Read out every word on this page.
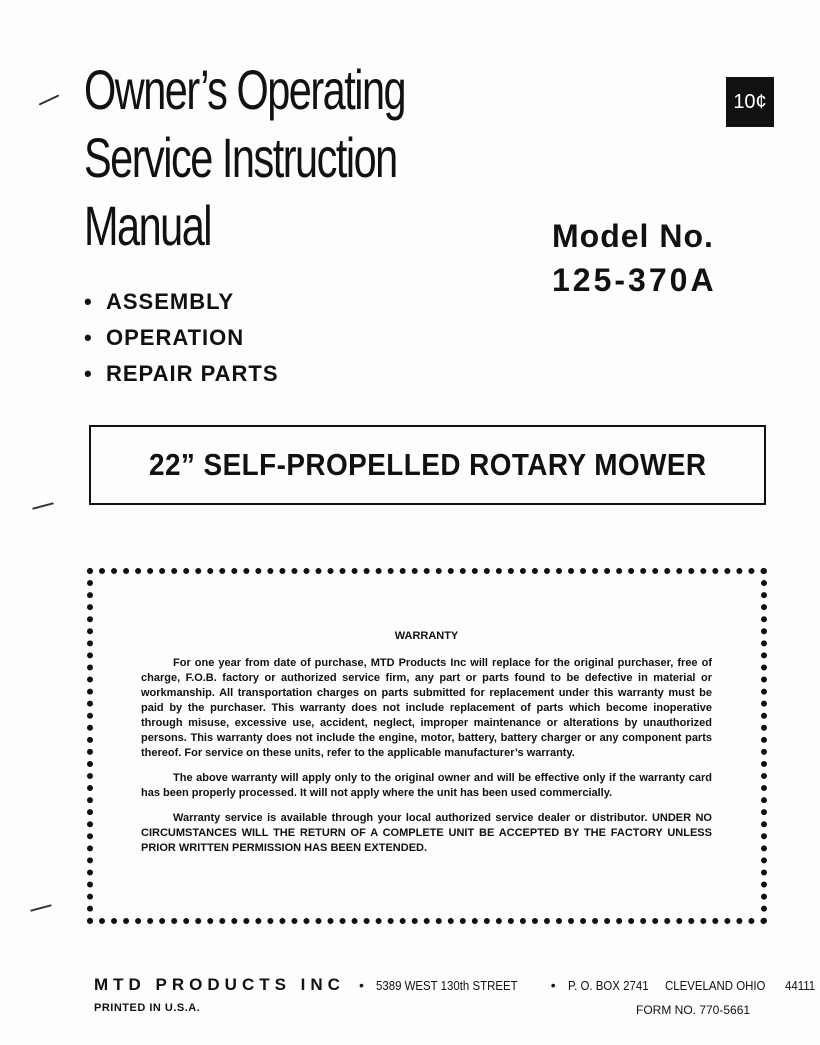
Owner’s Operating
Service Instruction
Manual
10¢
Model No.
125-370A
• ASSEMBLY
• OPERATION
• REPAIR PARTS
22” SELF-PROPELLED ROTARY MOWER
WARRANTY

For one year from date of purchase, MTD Products Inc will replace for the original purchaser, free of charge, F.O.B. factory or authorized service firm, any part or parts found to be defective in material or workmanship. All transportation charges on parts submitted for replacement under this warranty must be paid by the purchaser. This warranty does not include replacement of parts which become inoperative through misuse, excessive use, accident, neglect, improper maintenance or alterations by unauthorized persons. This warranty does not include the engine, motor, battery, battery charger or any component parts thereof. For service on these units, refer to the applicable manufacturer’s warranty.

The above warranty will apply only to the original owner and will be effective only if the warranty card has been properly processed. It will not apply where the unit has been used commercially.

Warranty service is available through your local authorized service dealer or distributor. UNDER NO CIRCUMSTANCES WILL THE RETURN OF A COMPLETE UNIT BE ACCEPTED BY THE FACTORY UNLESS PRIOR WRITTEN PERMISSION HAS BEEN EXTENDED.

MTD PRODUCTS INC • 5389 WEST 130th STREET • P. O. BOX 2741 CLEVELAND OHIO 44111
PRINTED IN U.S.A.	FORM NO. 770-5661
